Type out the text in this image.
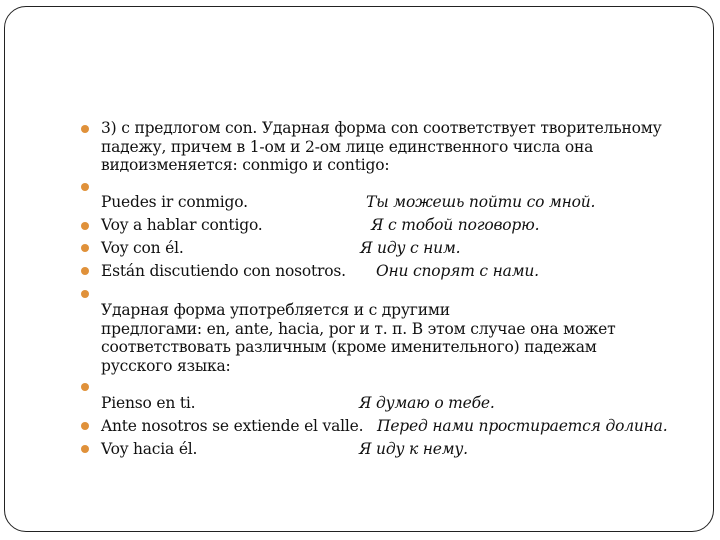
3) с предлогом con. Ударная форма con соответствует творительному
падежу, причем в 1-ом и 2-ом лице единственного числа она
видоизменяется: conmigo и contigo:
Puedes ir conmigo.	Ты можешь пойти со мной.
Voy a hablar contigo.	Я с тобой поговорю.
Voy con él.	Я иду с ним.
Están discutiendo con nosotros. Они спорят с нами.
Ударная форма употребляется и с другими
предлогами: en, ante, hacia, por и т. п. В этом случае она может
соответствовать различным (кроме именительного) падежам
русского языка:
Pienso en ti.	Я думаю о тебе.
Ante nosotros se extiende el valle. Перед нами простирается долина.
Voy hacia él.	Я иду к нему.
